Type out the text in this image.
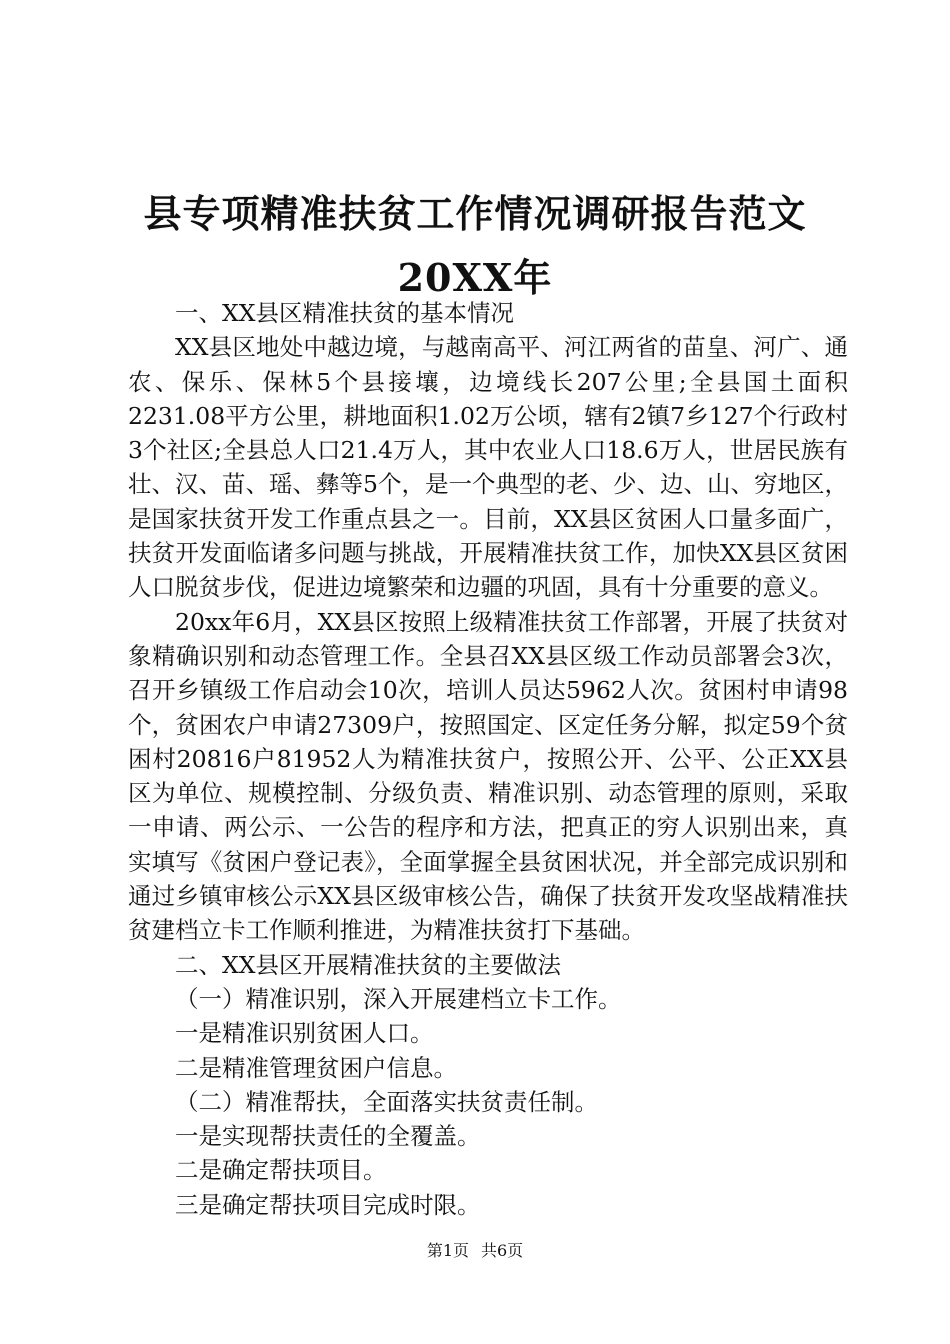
县专项精准扶贫工作情况调研报告范文20XX年

一、XX县区精准扶贫的基本情况

XX县区地处中越边境，与越南高平、河江两省的苗皇、河广、通农、保乐、保林5个县接壤，边境线长207公里;全县国土面积2231.08平方公里，耕地面积1.02万公顷，辖有2镇7乡127个行政村3个社区;全县总人口21.4万人，其中农业人口18.6万人，世居民族有壮、汉、苗、瑶、彝等5个，是一个典型的老、少、边、山、穷地区，是国家扶贫开发工作重点县之一。目前，XX县区贫困人口量多面广，扶贫开发面临诸多问题与挑战，开展精准扶贫工作，加快XX县区贫困人口脱贫步伐，促进边境繁荣和边疆的巩固，具有十分重要的意义。

20xx年6月，XX县区按照上级精准扶贫工作部署，开展了扶贫对象精确识别和动态管理工作。全县召XX县区级工作动员部署会3次，召开乡镇级工作启动会10次，培训人员达5962人次。贫困村申请98个，贫困农户申请27309户，按照国定、区定任务分解，拟定59个贫困村20816户81952人为精准扶贫户，按照公开、公平、公正XX县区为单位、规模控制、分级负责、精准识别、动态管理的原则，采取一申请、两公示、一公告的程序和方法，把真正的穷人识别出来，真实填写《贫困户登记表》，全面掌握全县贫困状况，并全部完成识别和通过乡镇审核公示XX县区级审核公告，确保了扶贫开发攻坚战精准扶贫建档立卡工作顺利推进，为精准扶贫打下基础。

二、XX县区开展精准扶贫的主要做法

（一）精准识别，深入开展建档立卡工作。

一是精准识别贫困人口。

二是精准管理贫困户信息。

（二）精准帮扶，全面落实扶贫责任制。

一是实现帮扶责任的全覆盖。

二是确定帮扶项目。

三是确定帮扶项目完成时限。

第1页 共6页
